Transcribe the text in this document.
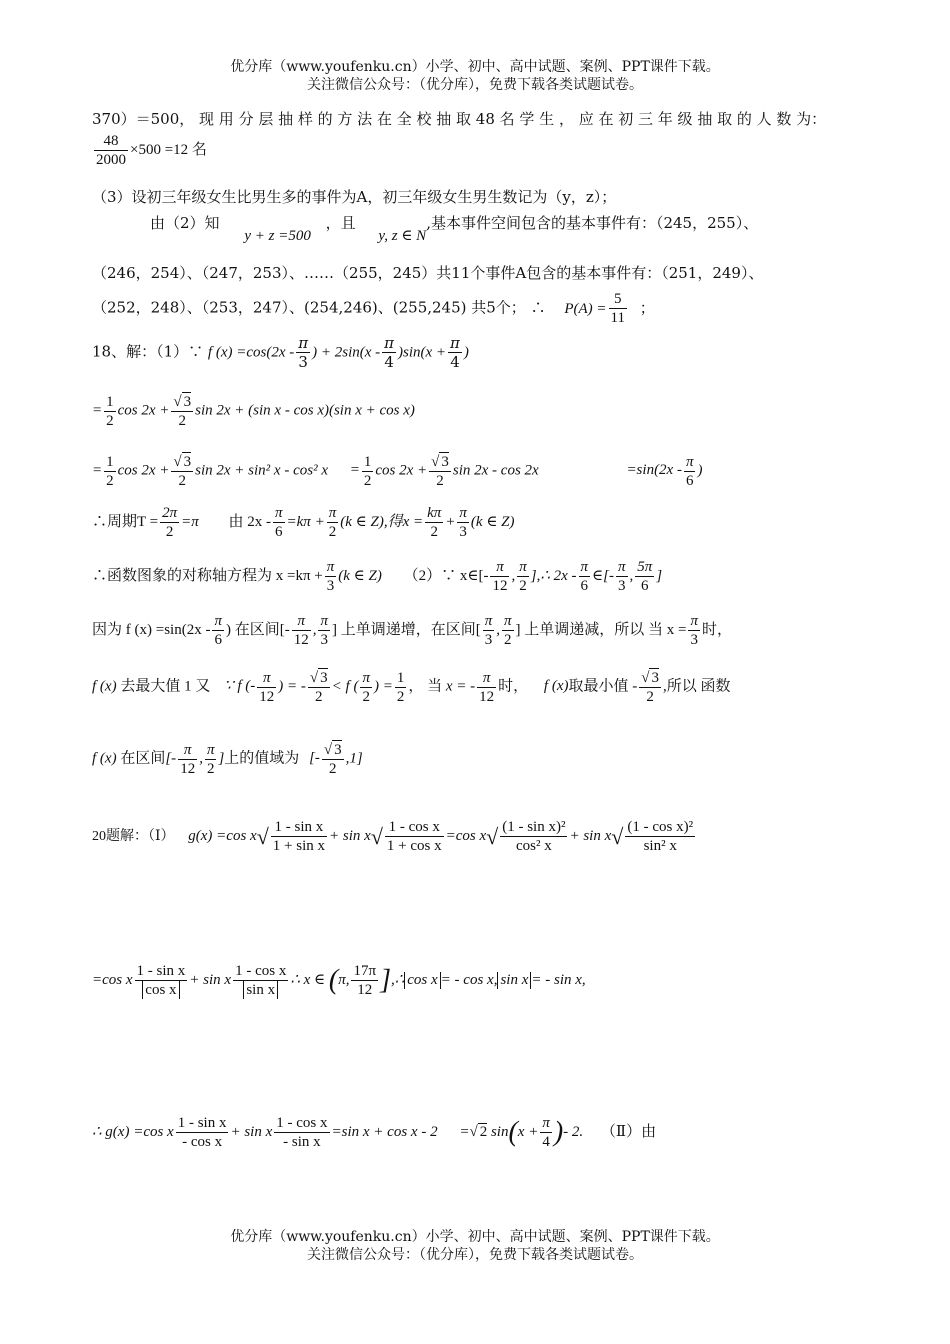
优分库（www.youfenku.cn）小学、初中、高中试题、案例、PPT课件下载。
关注微信公众号：（优分库），免费下载各类试题试卷。
370）＝500， 现 用 分 层 抽 样 的 方 法 在 全 校 抽 取 48 名 学 生 ， 应 在 初 三 年 级 抽 取 的 人 数 为：
$\frac{48}{2000} \times 500 =12$ 名
（3）设初三年级女生比男生多的事件为A，初三年级女生男生数记为（y，z）；
由（2）知 y + z =500 ，且 y, z ∈ N,基本事件空间包含的基本事件有：（245，255）、
（246，254）、（247，253）、……（255，245）共11个事件A包含的基本事件有：（251，249）、
（252，248）、（253，247）、(254,246)、(255,245) 共5个； ∴ $P(A) = \frac{5}{11}$ ；
18、解：（1）∵ f $(x) =\cos(2x - \frac{\pi}{3}$ ) + $2\sin(x - \frac{\pi}{4} )\sin(x + \frac{\pi}{4}$ )
= $\frac{1}{2}$ $\cos 2x + \frac{√ 3}{2}$ sin 2x + (sin x - cos x)(sin x + cos x)
= $\frac{1}{2}$ $\cos 2x + \frac{√ 3}{2}$ sin 2x + sin² x - cos² $x = \frac{1}{2}$ $\cos 2x + \frac{√ 3}{2}$ sin 2x - cos 2x	$=\sin(2x - \frac{\pi}{6}$ )
∴周期$T = \frac{2\pi}{2} =\pi$ 由 $2x - \frac{\pi}{6} =k\pi + \frac{\pi}{2} (k$ ∈ Z),得$x = \frac{k\pi}{2} + \frac{\pi}{3} (k$ ∈ Z)
∴函数图象的对称轴方程为 $x =k\pi + \frac{\pi}{3} (k$ ∈ Z) （2）∵ x∈[- $\frac{\pi}{12}$ , $\frac{\pi}{2}$ ],∴ $2x - \frac{\pi}{6}$ ∈[- $\frac{\pi}{3}$ , $\frac{5\pi}{6}$ ]
因为 f $(x) =\sin(2x - \frac{\pi}{6}$ ) 在区间[- $\frac{\pi}{12}$ , $\frac{\pi}{3}$ ] 上单调递增，在区间[ $\frac{\pi}{3}$ , $\frac{\pi}{2}$ ] 上单调递减，所以 当 $x = \frac{\pi}{3}$ 时，
f (x) 去最大值 1 又 ∵ f (- $\frac{\pi}{12}$ ) = - $\frac{√ 3}{2} < f$ ( $\frac{\pi}{2}$ ) = $\frac{1}{2}$ ， 当 x = - $\frac{\pi}{12}$ 时， f (x)取最小值 - $\frac{√ 3}{2}$ ,所以 函数
f (x) 在区间[- $\frac{\pi}{12}$ , $\frac{\pi}{2}$ ]上的值域为 [- $\frac{√ 3}{2} ,1$]
20题解：（Ⅰ） g(x) =cos $x√ \frac{\text{1 - sin x}}{\text{1 + sin x}} + \sin x√ \frac{\text{1 - cos x}}{\text{1 + cos x}} =\cos$ $x√ \frac{\text{(1 - sin x)²}}{\text{cos² x}} + \sin x√ \frac{\text{(1 - cos x)²}}{\text{sin² x}}$
=cos x $\frac{\text{1 - sin x}}{\text{cos x}} + \sin x \frac{\text{1 - cos x}}{\text{sin x}}$ ∴ x ∈ (π, $\frac{17\pi}{12}$ ],∴ cos x = - cos x, sin x = - sin x,
∴ g(x) =cos x $\frac{\text{1 - sin x}}{\text{- cos x}} + \sin x \frac{\text{1 - cos x}}{\text{- sin x}} =\sin$ x + cos x - 2 =√ 2 $\sin(x + \frac{\pi}{4}$ )- 2. （Ⅱ）由
优分库（www.youfenku.cn）小学、初中、高中试题、案例、PPT课件下载。
关注微信公众号：（优分库），免费下载各类试题试卷。
